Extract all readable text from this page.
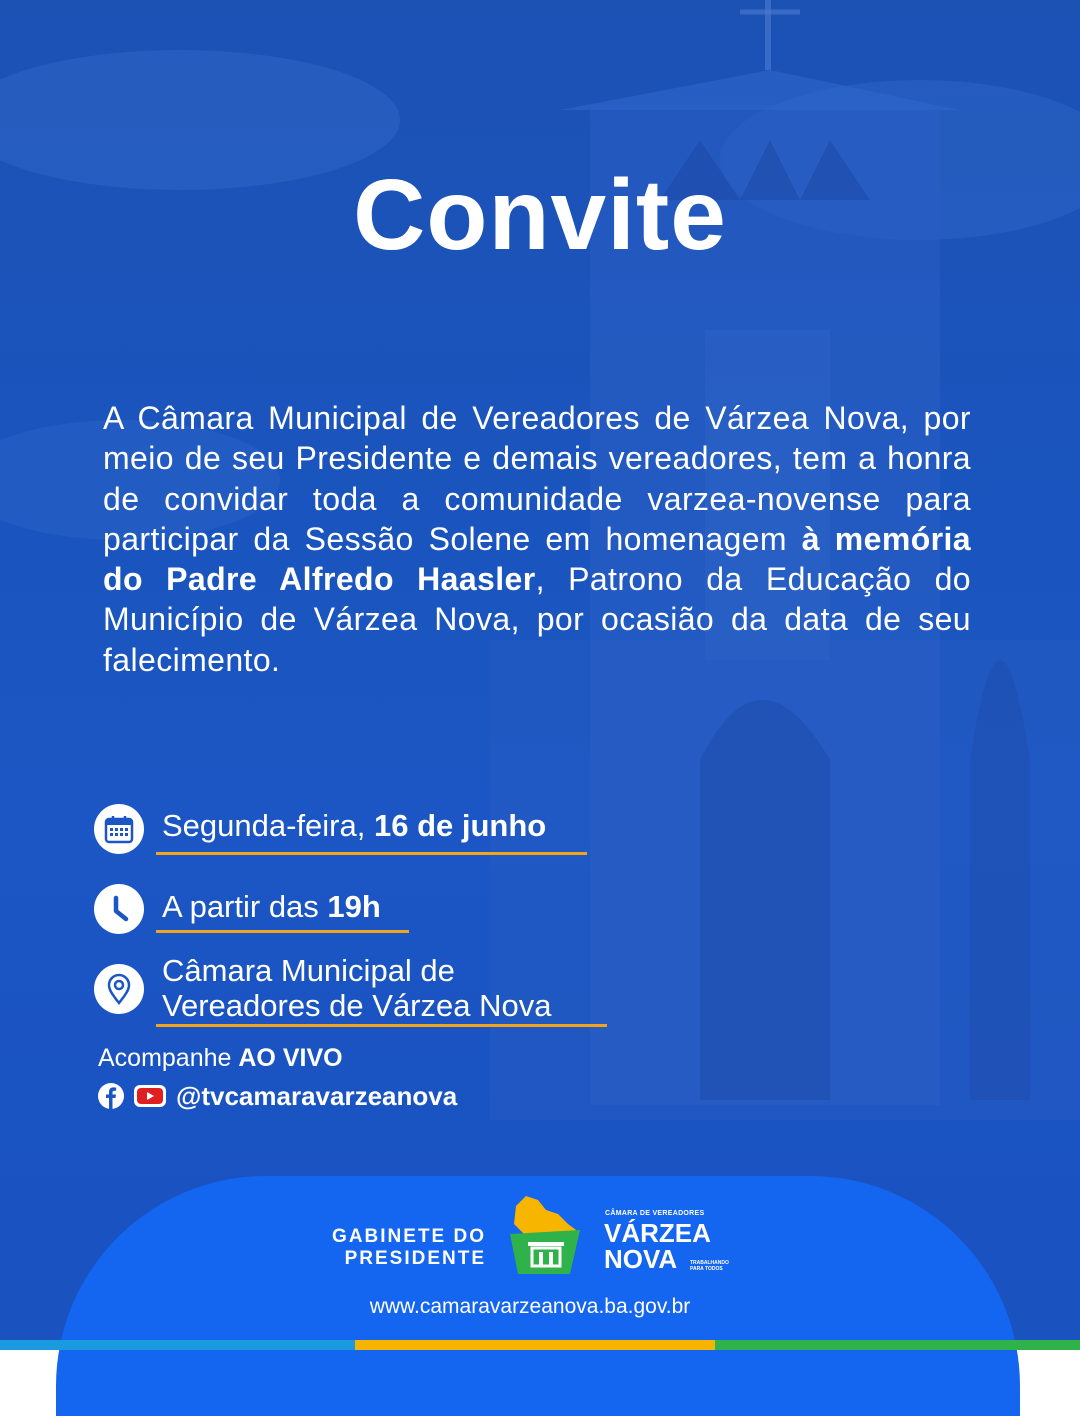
Convite
A Câmara Municipal de Vereadores de Várzea Nova, por meio de seu Presidente e demais vereadores, tem a honra de convidar toda a comunidade varzea-novense para participar da Sessão Solene em homenagem à memória do Padre Alfredo Haasler, Patrono da Educação do Município de Várzea Nova, por ocasião da data de seu falecimento.
Segunda-feira, 16 de junho
A partir das 19h
Câmara Municipal de
Vereadores de Várzea Nova
Acompanhe AO VIVO
@tvcamaravarzeanova
GABINETE DO
PRESIDENTE
CÂMARA DE VEREADORES
VÁRZEA
NOVA	TRABALHANDO PARA TODOS
www.camaravarzeanova.ba.gov.br
